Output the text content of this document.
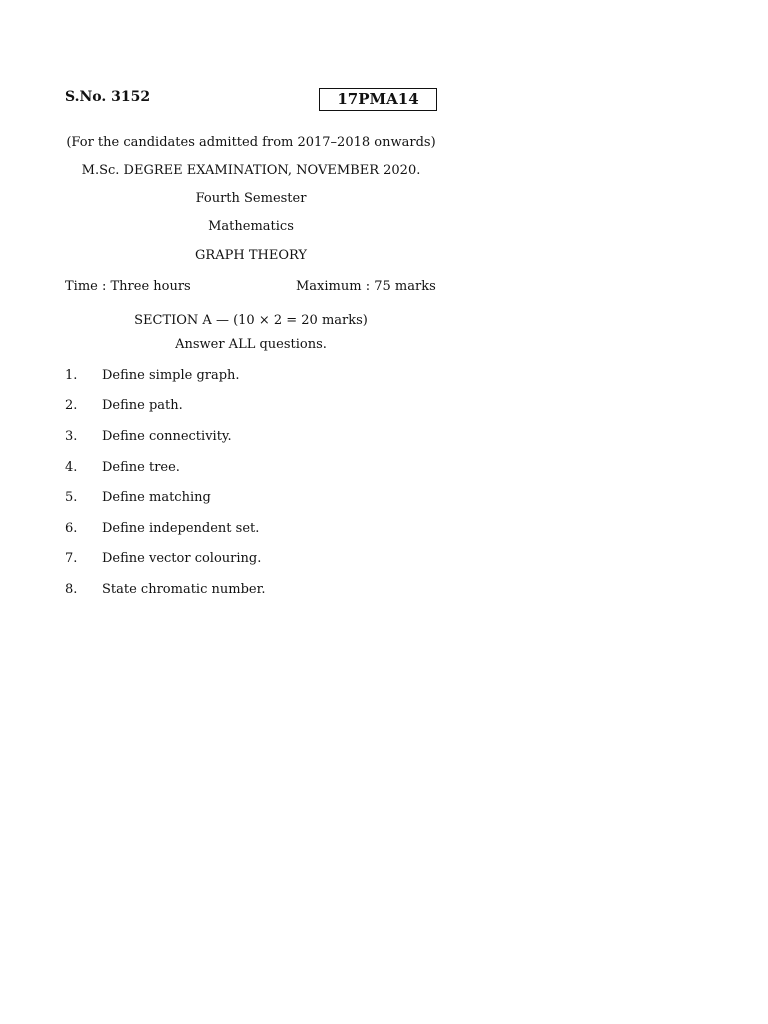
S.No. 3152	17PMA14
(For the candidates admitted from 2017–2018 onwards)
M.Sc. DEGREE EXAMINATION, NOVEMBER 2020.
Fourth Semester
Mathematics
GRAPH THEORY
Time : Three hours	Maximum : 75 marks
SECTION A — (10 × 2 = 20 marks)
Answer ALL questions.
1. Define simple graph.
2. Define path.
3. Define connectivity.
4. Define tree.
5. Define matching
6. Define independent set.
7. Define vector colouring.
8. State chromatic number.
